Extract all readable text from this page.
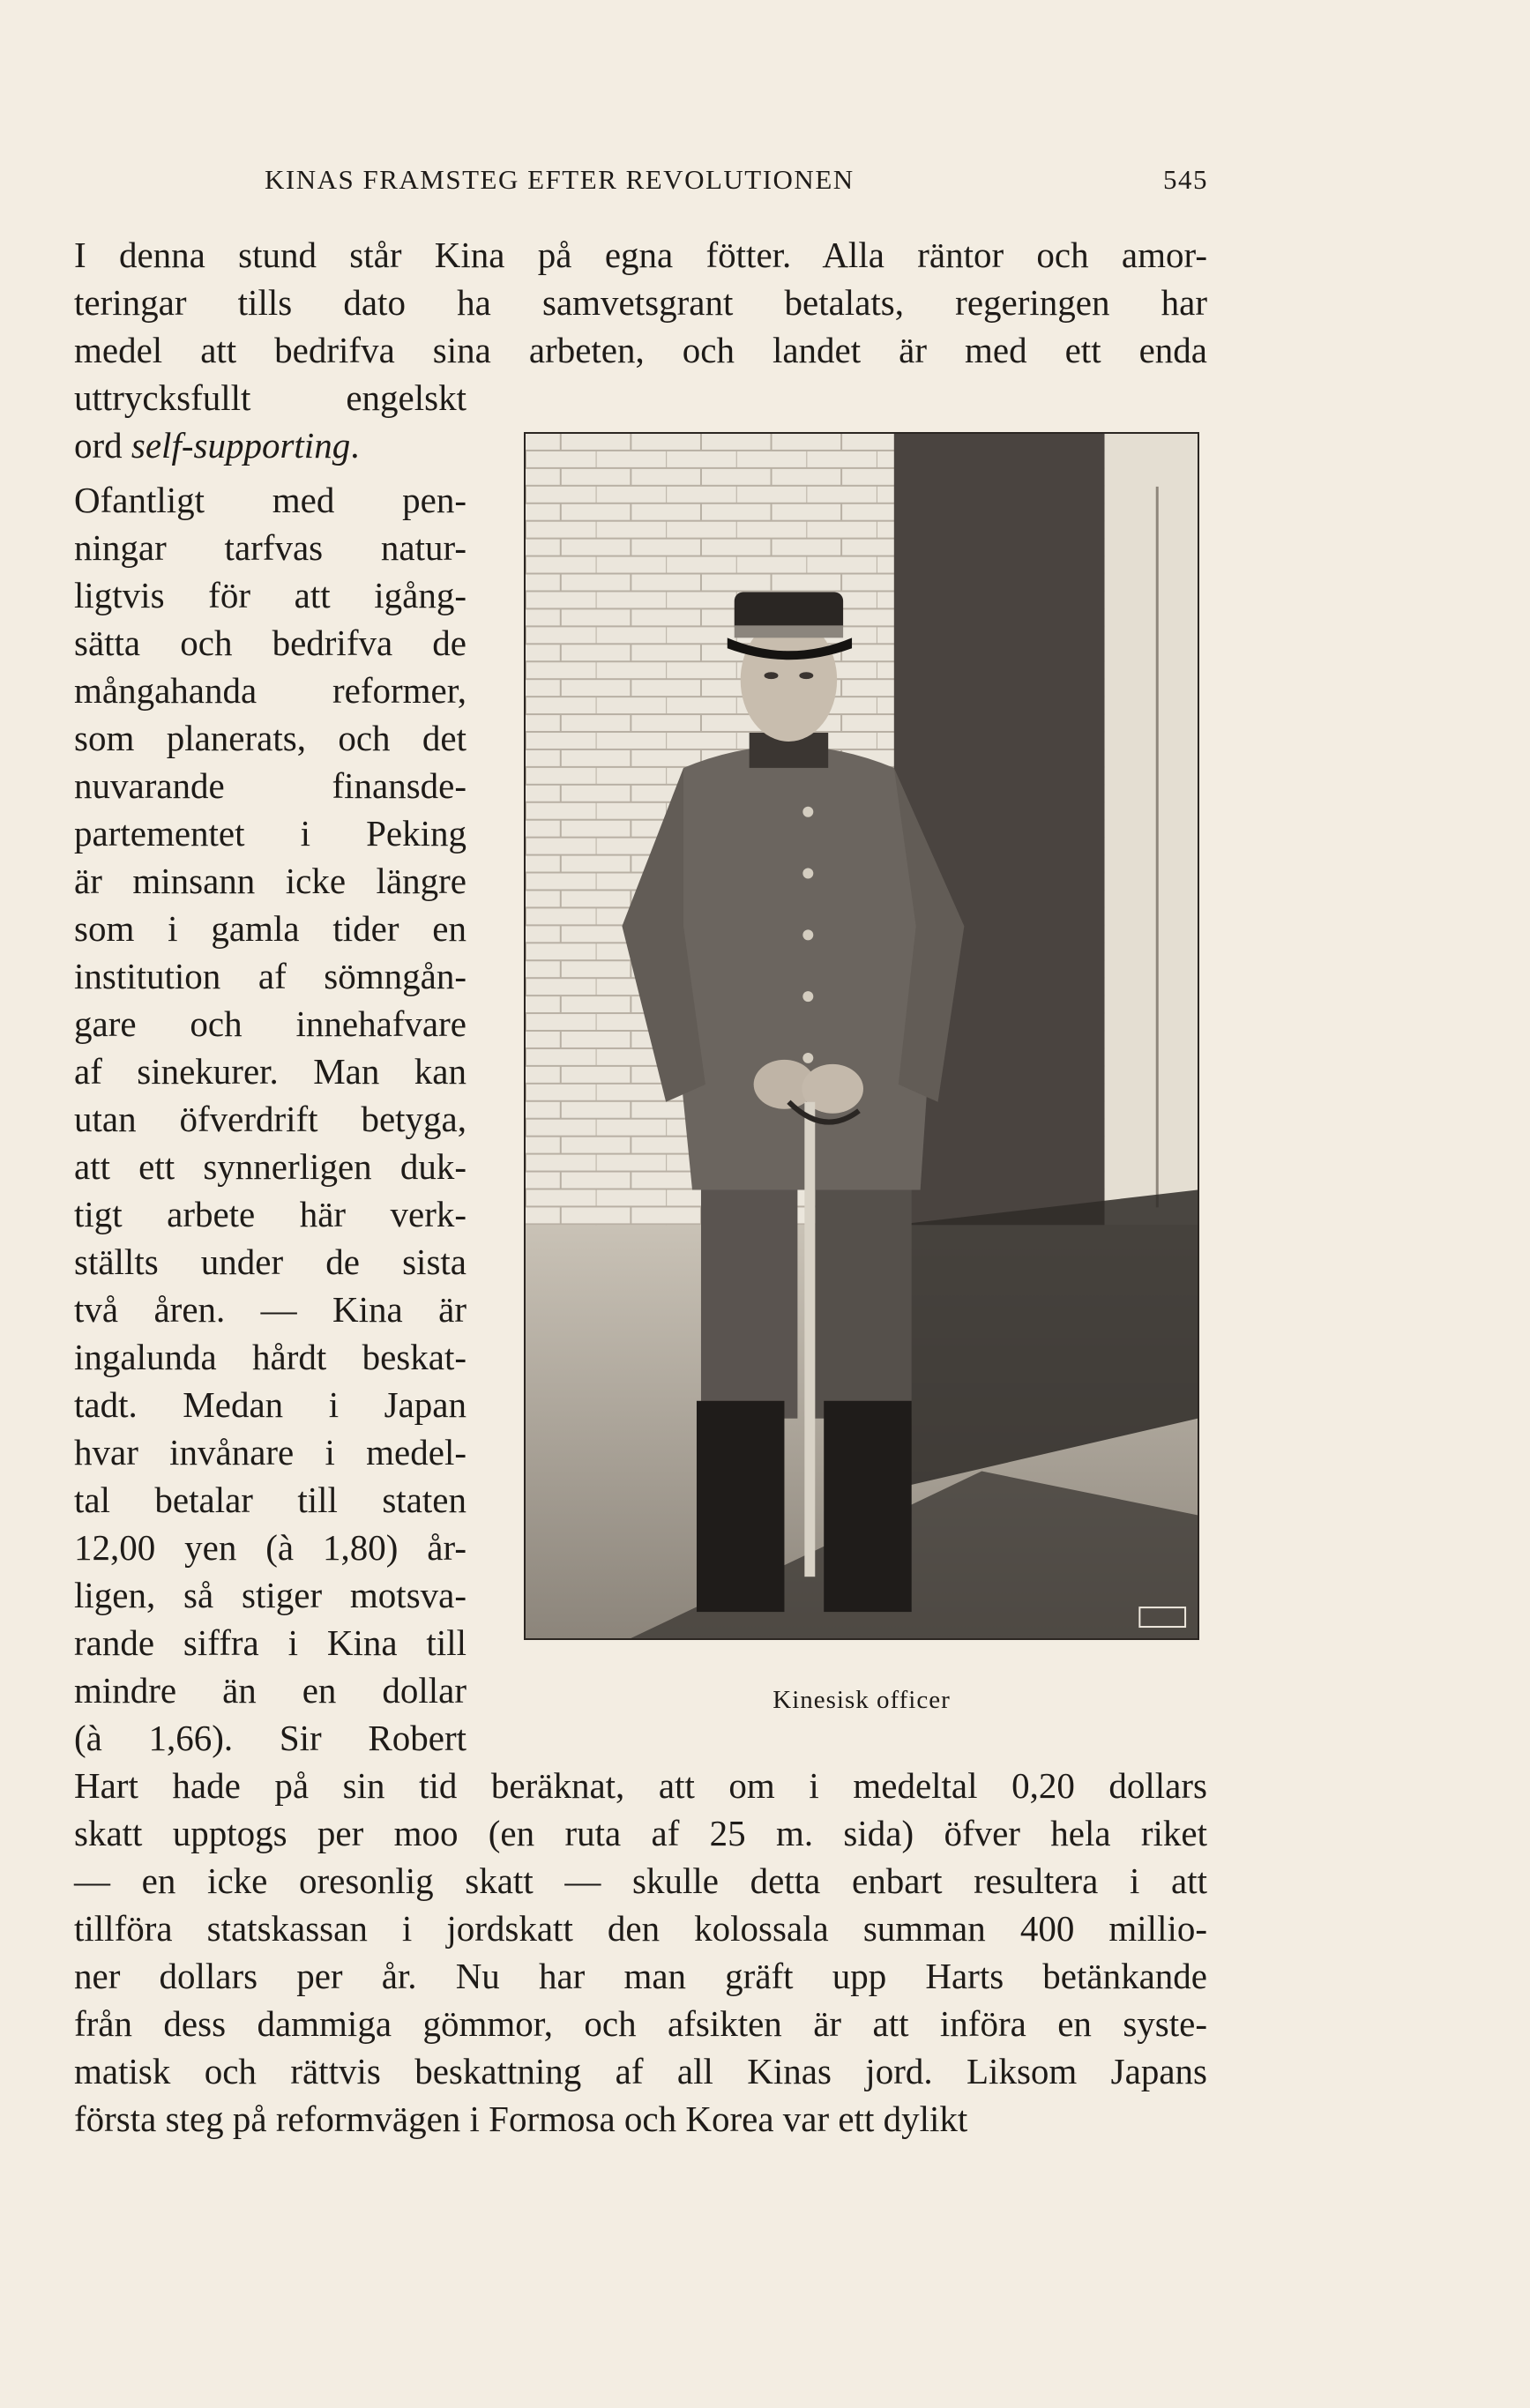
KINAS FRAMSTEG EFTER REVOLUTIONEN	545
I denna stund står Kina på egna fötter. Alla räntor och amor-
teringar tills dato ha samvetsgrant betalats, regeringen har
medel att bedrifva sina arbeten, och landet är med ett enda
uttrycksfullt engelskt
ord self-supporting.
Ofantligt med pen-
ningar tarfvas natur-
ligtvis för att igång-
sätta och bedrifva de
mångahanda reformer,
som planerats, och det
nuvarande finansde-
partementet i Peking
är minsann icke längre
som i gamla tider en
institution af sömngån-
gare och innehafvare
af sinekurer. Man kan
utan öfverdrift betyga,
att ett synnerligen duk-
tigt arbete här verk-
ställts under de sista
två åren. — Kina är
ingalunda hårdt beskat-
tadt. Medan i Japan
hvar invånare i medel-
tal betalar till staten
12,00 yen (à 1,80) år-
ligen, så stiger motsva-
rande siffra i Kina till
mindre än en dollar
(à 1,66). Sir Robert
Hart hade på sin tid beräknat, att om i medeltal 0,20 dollars
skatt upptogs per moo (en ruta af 25 m. sida) öfver hela riket
— en icke oresonlig skatt — skulle detta enbart resultera i att
tillföra statskassan i jordskatt den kolossala summan 400 millio-
ner dollars per år. Nu har man gräft upp Harts betänkande
från dess dammiga gömmor, och afsikten är att införa en syste-
matisk och rättvis beskattning af all Kinas jord. Liksom Japans
första steg på reformvägen i Formosa och Korea var ett dylikt
Kinesisk officer
